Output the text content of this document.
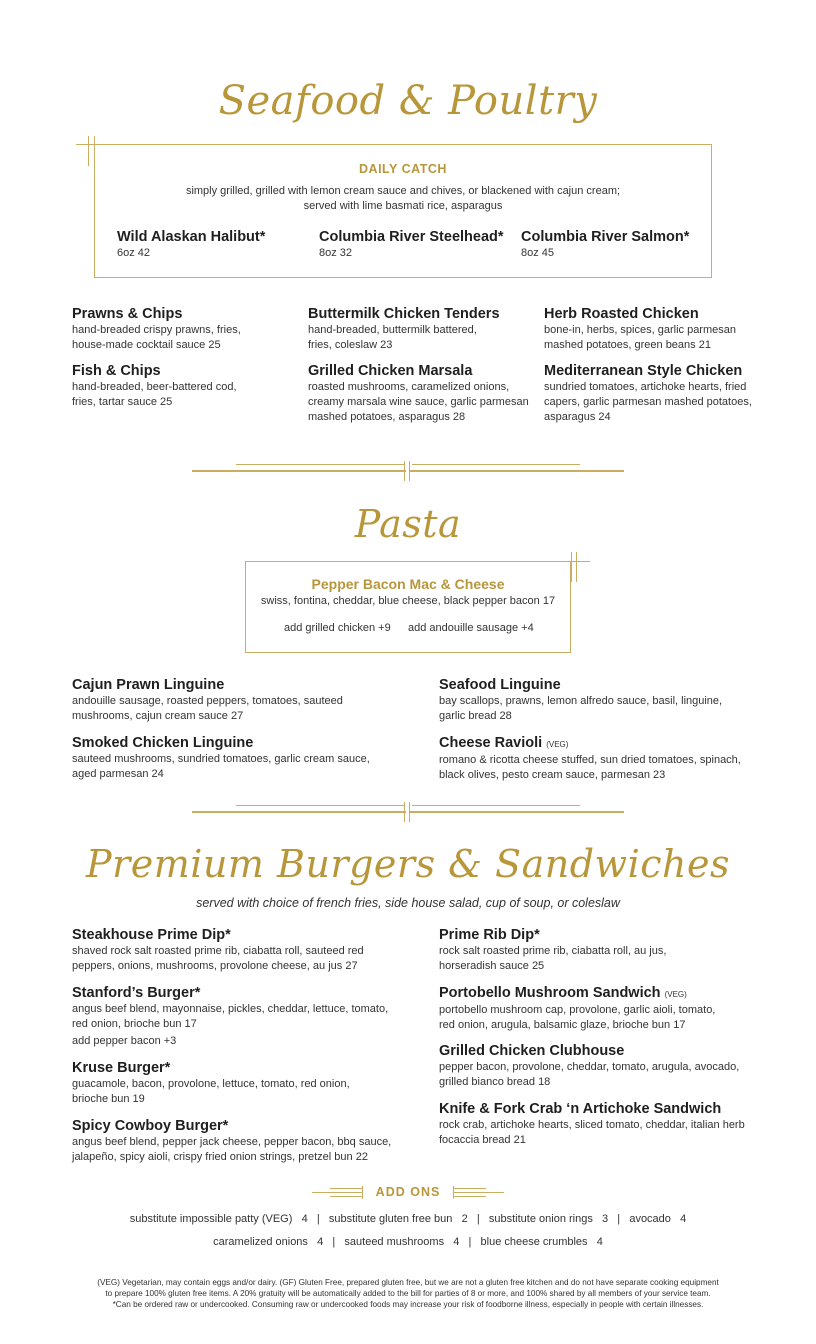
Seafood & Poultry
DAILY CATCH
simply grilled, grilled with lemon cream sauce and chives, or blackened with cajun cream;
served with lime basmati rice, asparagus
Wild Alaskan Halibut*
6oz 42
Columbia River Steelhead*
8oz 32
Columbia River Salmon*
8oz 45
Prawns & Chips
hand-breaded crispy prawns, fries,
house-made cocktail sauce 25
Fish & Chips
hand-breaded, beer-battered cod,
fries, tartar sauce 25
Buttermilk Chicken Tenders
hand-breaded, buttermilk battered,
fries, coleslaw 23
Grilled Chicken Marsala
roasted mushrooms, caramelized onions,
creamy marsala wine sauce, garlic parmesan
mashed potatoes, asparagus 28
Herb Roasted Chicken
bone-in, herbs, spices, garlic parmesan
mashed potatoes, green beans 21
Mediterranean Style Chicken
sundried tomatoes, artichoke hearts, fried
capers, garlic parmesan mashed potatoes,
asparagus 24
Pasta
Pepper Bacon Mac & Cheese
swiss, fontina, cheddar, blue cheese, black pepper bacon 17
add grilled chicken +9 add andouille sausage +4
Cajun Prawn Linguine
andouille sausage, roasted peppers, tomatoes, sauteed
mushrooms, cajun cream sauce 27
Smoked Chicken Linguine
sauteed mushrooms, sundried tomatoes, garlic cream sauce,
aged parmesan 24
Seafood Linguine
bay scallops, prawns, lemon alfredo sauce, basil, linguine,
garlic bread 28
Cheese Ravioli (VEG)
romano & ricotta cheese stuffed, sun dried tomatoes, spinach,
black olives, pesto cream sauce, parmesan 23
Premium Burgers & Sandwiches
served with choice of french fries, side house salad, cup of soup, or coleslaw
Steakhouse Prime Dip*
shaved rock salt roasted prime rib, ciabatta roll, sauteed red
peppers, onions, mushrooms, provolone cheese, au jus 27
Stanford’s Burger*
angus beef blend, mayonnaise, pickles, cheddar, lettuce, tomato,
red onion, brioche bun 17
add pepper bacon +3
Kruse Burger*
guacamole, bacon, provolone, lettuce, tomato, red onion,
brioche bun 19
Spicy Cowboy Burger*
angus beef blend, pepper jack cheese, pepper bacon, bbq sauce,
jalapeño, spicy aioli, crispy fried onion strings, pretzel bun 22
Prime Rib Dip*
rock salt roasted prime rib, ciabatta roll, au jus,
horseradish sauce 25
Portobello Mushroom Sandwich (VEG)
portobello mushroom cap, provolone, garlic aioli, tomato,
red onion, arugula, balsamic glaze, brioche bun 17
Grilled Chicken Clubhouse
pepper bacon, provolone, cheddar, tomato, arugula, avocado,
grilled bianco bread 18
Knife & Fork Crab ‘n Artichoke Sandwich
rock crab, artichoke hearts, sliced tomato, cheddar, italian herb
focaccia bread 21
ADD ONS
substitute impossible patty (VEG)   4   |   substitute gluten free bun   2   |   substitute onion rings   3   |   avocado   4
caramelized onions   4   |   sauteed mushrooms   4   |   blue cheese crumbles   4
(VEG) Vegetarian, may contain eggs and/or dairy. (GF) Gluten Free, prepared gluten free, but we are not a gluten free kitchen and do not have separate cooking equipment
to prepare 100% gluten free items. A 20% gratuity will be automatically added to the bill for parties of 8 or more, and 100% shared by all members of your service team.
*Can be ordered raw or undercooked. Consuming raw or undercooked foods may increase your risk of foodborne illness, especially in people with certain illnesses.
